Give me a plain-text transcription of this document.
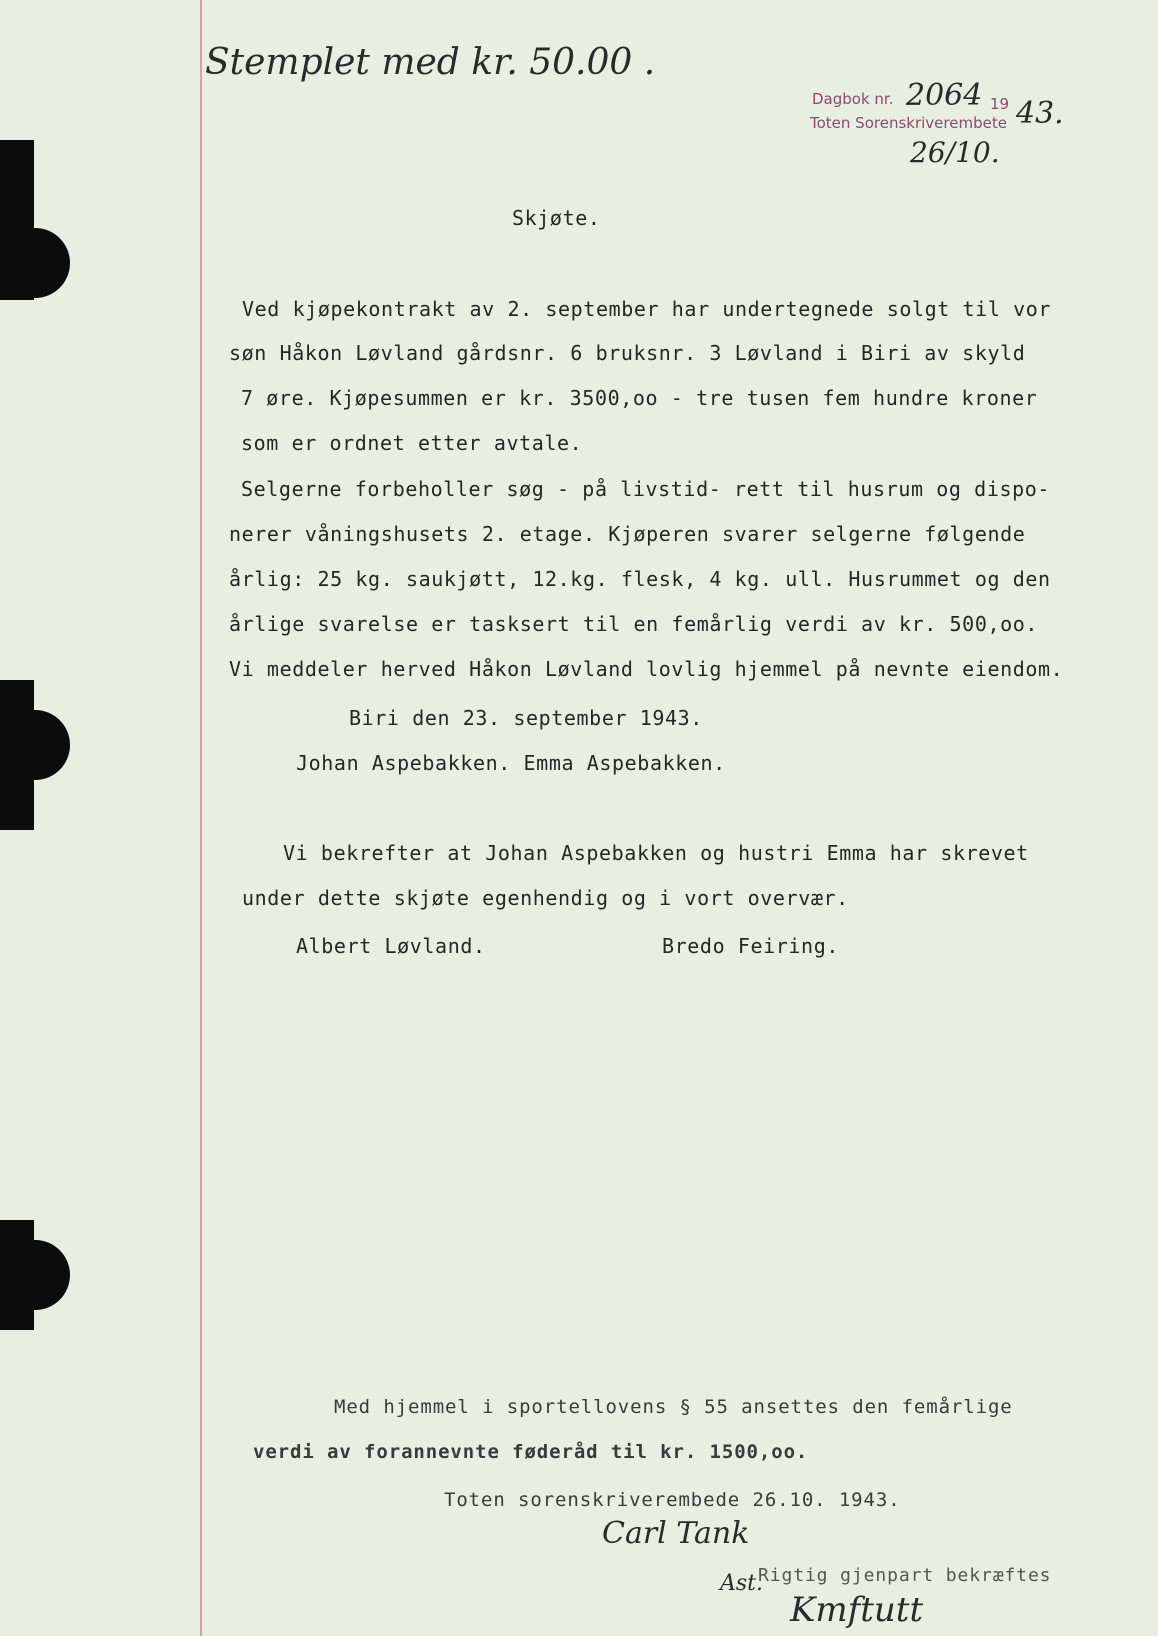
Stemplet med kr. 50.00 .
Dagbok nr. 2064 19 43.
Toten Sorenskriverembete
26/10.
Skjøte.
Ved kjøpekontrakt av 2. september har undertegnede solgt til vor
søn Håkon Løvland gårdsnr. 6 bruksnr. 3 Løvland i Biri av skyld
7 øre. Kjøpesummen er kr. 3500,oo - tre tusen fem hundre kroner
som er ordnet etter avtale.
Selgerne forbeholler søg - på livstid- rett til husrum og dispo-
nerer våningshusets 2. etage. Kjøperen svarer selgerne følgende
årlig: 25 kg. saukjøtt, 12.kg. flesk, 4 kg. ull. Husrummet og den
årlige svarelse er tasksert til en femårlig verdi av kr. 500,oo.
Vi meddeler herved Håkon Løvland lovlig hjemmel på nevnte eiendom.
Biri den 23. september 1943.
Johan Aspebakken. Emma Aspebakken.
Vi bekrefter at Johan Aspebakken og hustri Emma har skrevet
under dette skjøte egenhendig og i vort overvær.
Albert Løvland.	Bredo Feiring.
Med hjemmel i sportellovens § 55 ansettes den femårlige
verdi av forannevnte føderåd til kr. 1500,oo.
Toten sorenskriverembede 26.10. 1943.
Carl Tank
Ast.
Rigtig gjenpart bekræftes
Kmftutt
